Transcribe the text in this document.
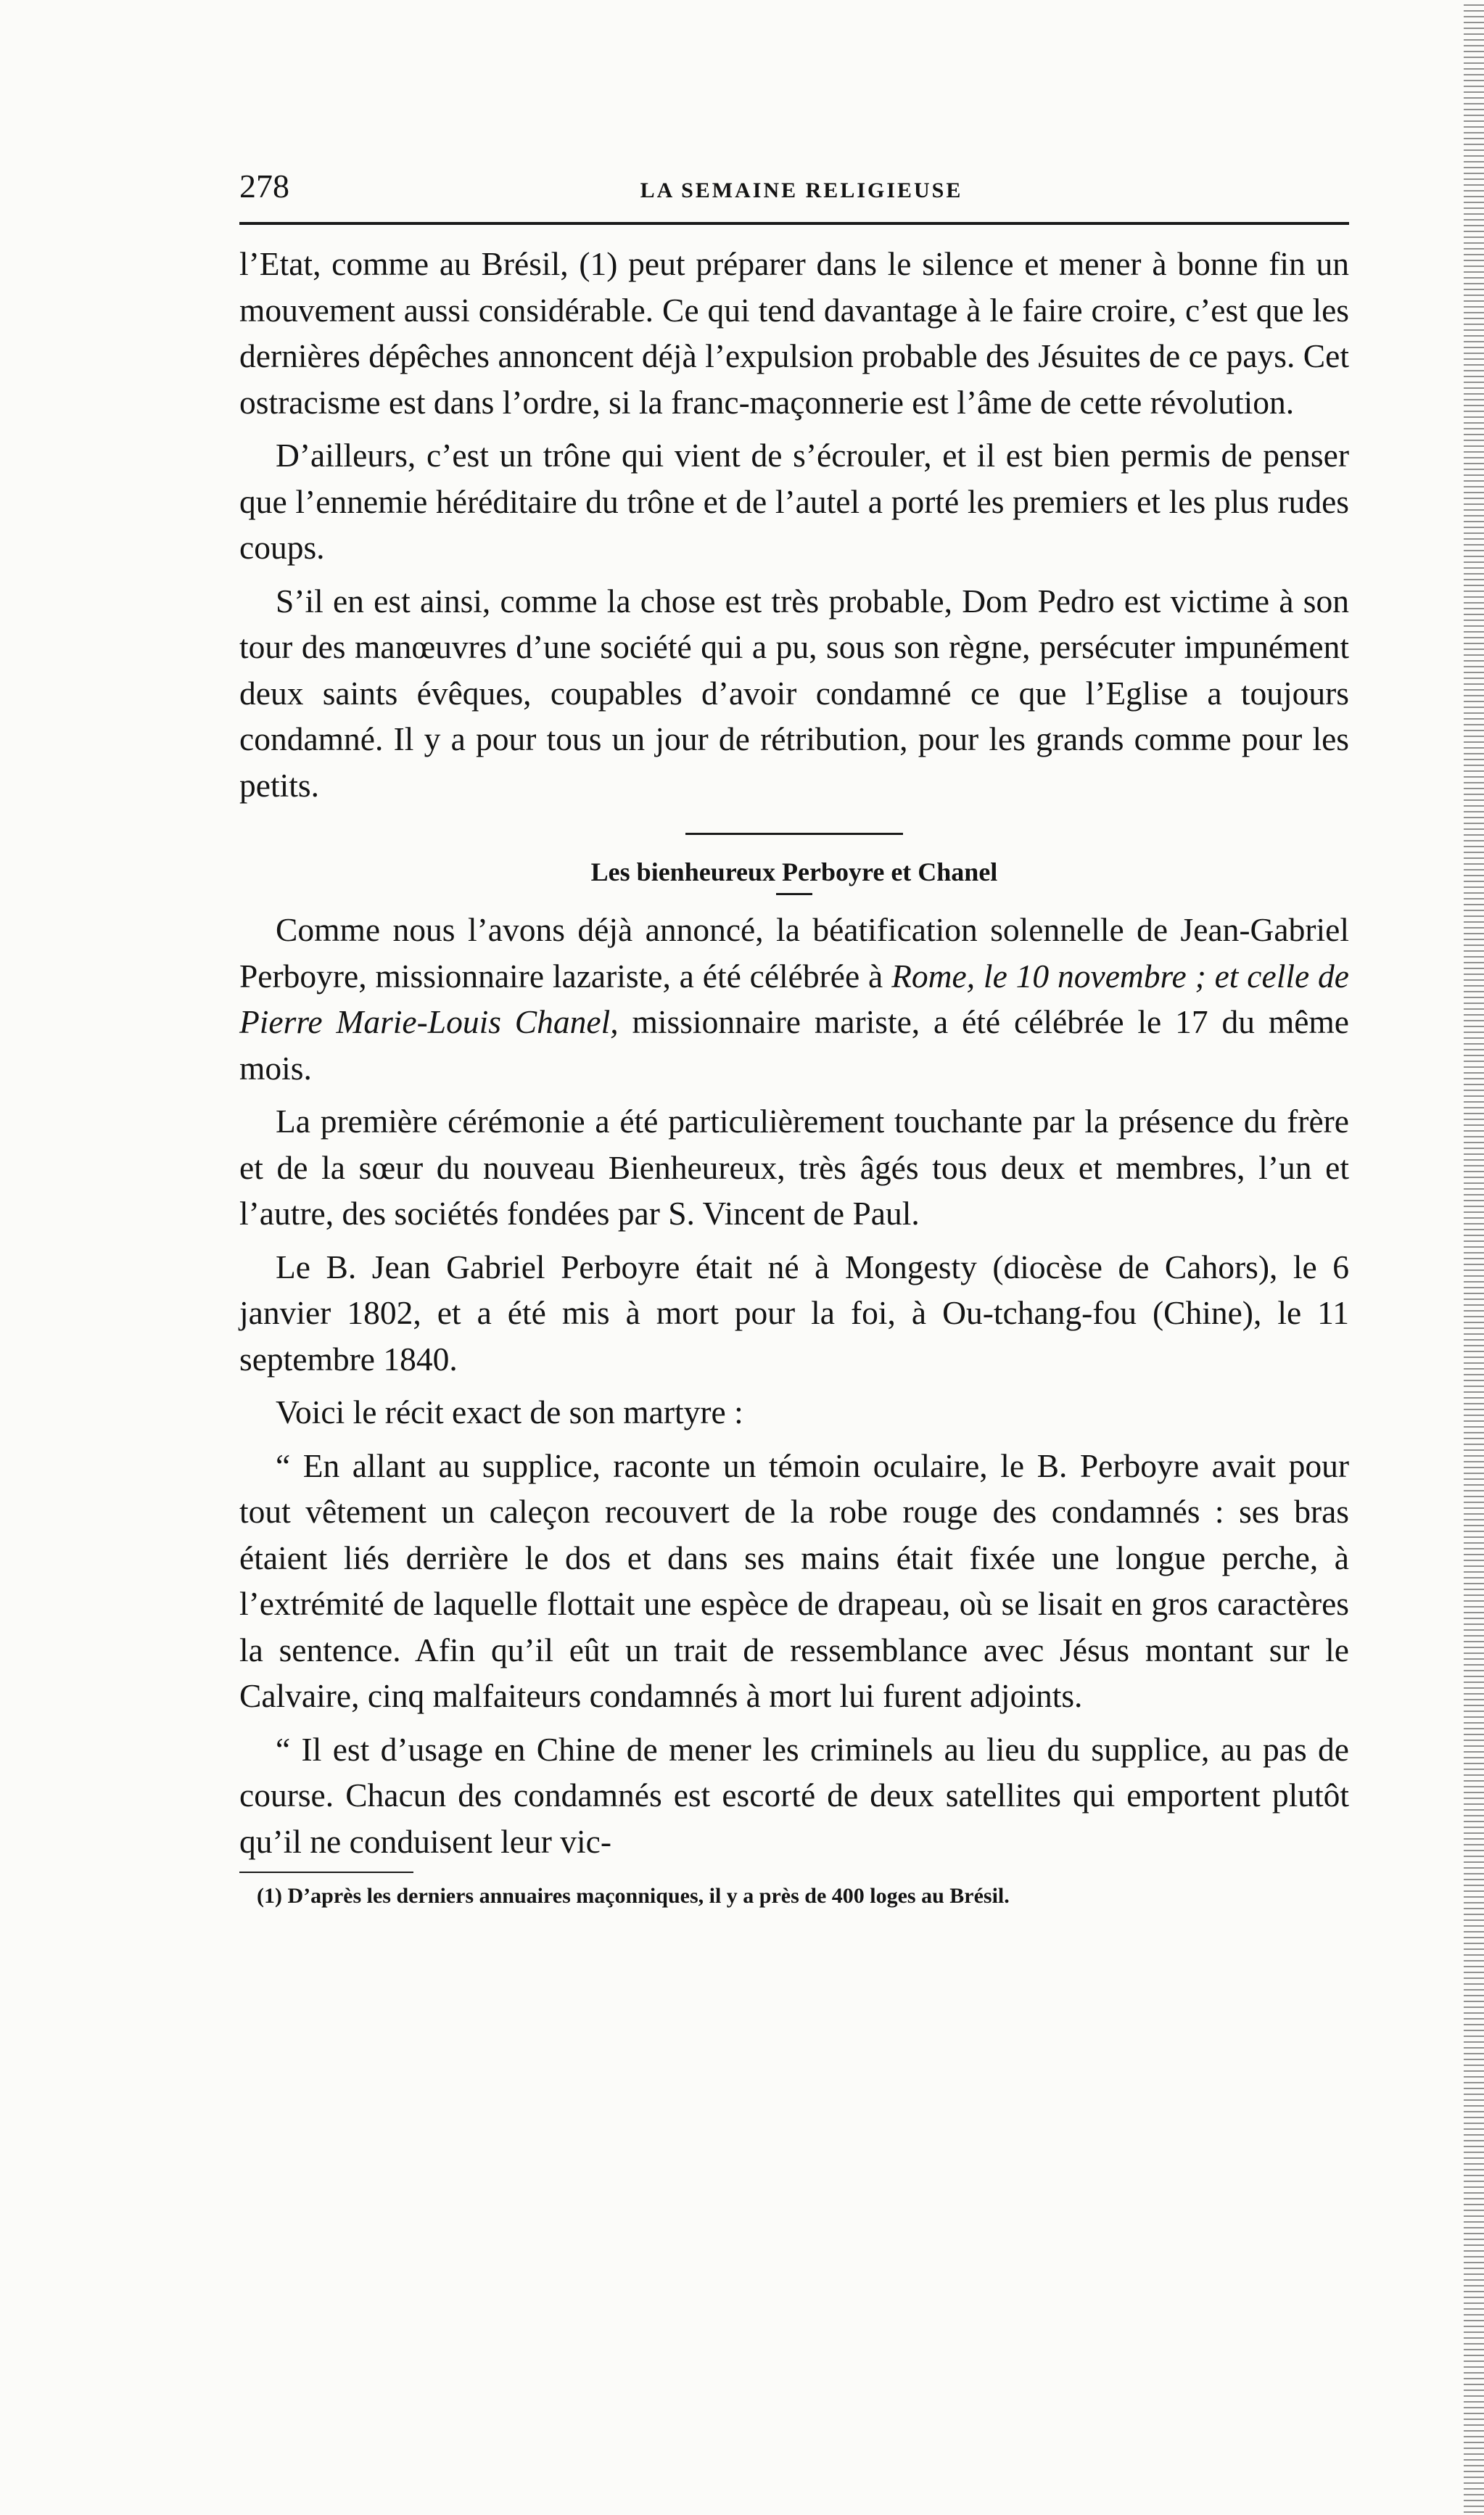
278	LA SEMAINE RELIGIEUSE

l’Etat, comme au Brésil, (1) peut préparer dans le silence et mener à bonne fin un mouvement aussi considérable. Ce qui tend davantage à le faire croire, c’est que les dernières dépêches annoncent déjà l’expulsion probable des Jésuites de ce pays. Cet ostracisme est dans l’ordre, si la franc-maçonnerie est l’âme de cette révolution.

D’ailleurs, c’est un trône qui vient de s’écrouler, et il est bien permis de penser que l’ennemie héréditaire du trône et de l’autel a porté les premiers et les plus rudes coups.

S’il en est ainsi, comme la chose est très probable, Dom Pedro est victime à son tour des manœuvres d’une société qui a pu, sous son règne, persécuter impunément deux saints évêques, coupables d’avoir condamné ce que l’Eglise a toujours condamné. Il y a pour tous un jour de rétribution, pour les grands comme pour les petits.

Les bienheureux Perboyre et Chanel

Comme nous l’avons déjà annoncé, la béatification solennelle de Jean-Gabriel Perboyre, missionnaire lazariste, a été célébrée à Rome, le 10 novembre ; et celle de Pierre Marie-Louis Chanel, missionnaire mariste, a été célébrée le 17 du même mois.

La première cérémonie a été particulièrement touchante par la présence du frère et de la sœur du nouveau Bienheureux, très âgés tous deux et membres, l’un et l’autre, des sociétés fondées par S. Vincent de Paul.

Le B. Jean Gabriel Perboyre était né à Mongesty (diocèse de Cahors), le 6 janvier 1802, et a été mis à mort pour la foi, à Ou-tchang-fou (Chine), le 11 septembre 1840.

Voici le récit exact de son martyre :

“ En allant au supplice, raconte un témoin oculaire, le B. Perboyre avait pour tout vêtement un caleçon recouvert de la robe rouge des condamnés : ses bras étaient liés derrière le dos et dans ses mains était fixée une longue perche, à l’extrémité de laquelle flottait une espèce de drapeau, où se lisait en gros caractères la sentence. Afin qu’il eût un trait de ressemblance avec Jésus montant sur le Calvaire, cinq malfaiteurs condamnés à mort lui furent adjoints.

“ Il est d’usage en Chine de mener les criminels au lieu du supplice, au pas de course. Chacun des condamnés est escorté de deux satellites qui emportent plutôt qu’il ne conduisent leur vic-

(1) D’après les derniers annuaires maçonniques, il y a près de 400 loges au Brésil.
